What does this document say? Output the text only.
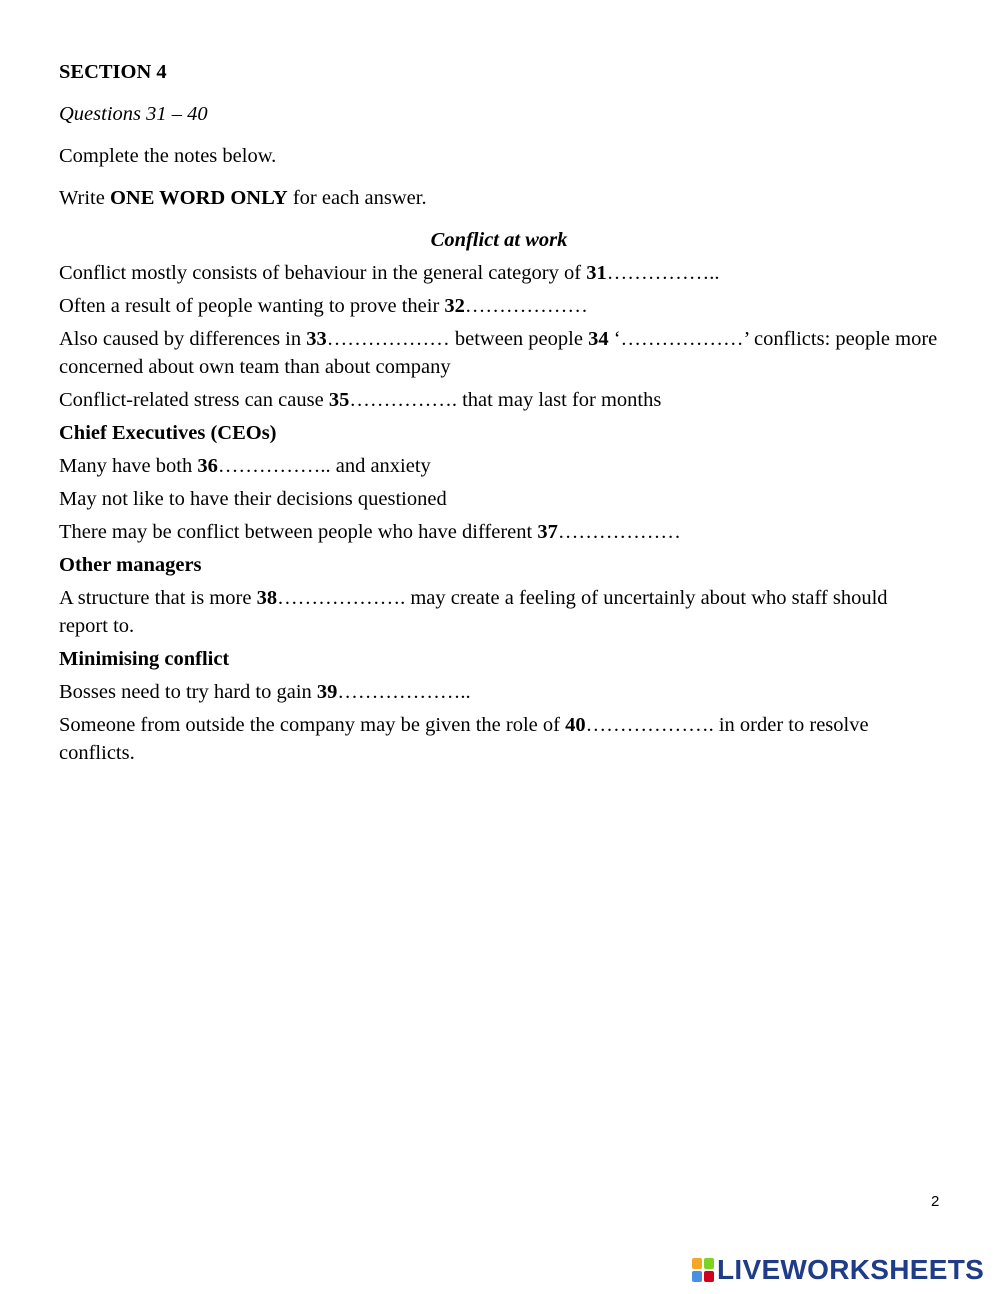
SECTION 4

Questions 31 – 40

Complete the notes below.

Write ONE WORD ONLY for each answer.

Conflict at work

Conflict mostly consists of behaviour in the general category of 31……………..

Often a result of people wanting to prove their 32………………

Also caused by differences in 33……………… between people 34 ‘………………’ conflicts: people more concerned about own team than about company

Conflict-related stress can cause 35……………. that may last for months

Chief Executives (CEOs)

Many have both 36…………….. and anxiety

May not like to have their decisions questioned

There may be conflict between people who have different 37………………

Other managers

A structure that is more 38………………. may create a feeling of uncertainly about who staff should report to.

Minimising conflict

Bosses need to try hard to gain 39………………..

Someone from outside the company may be given the role of 40………………. in order to resolve conflicts.

2
LIVEWORKSHEETS
